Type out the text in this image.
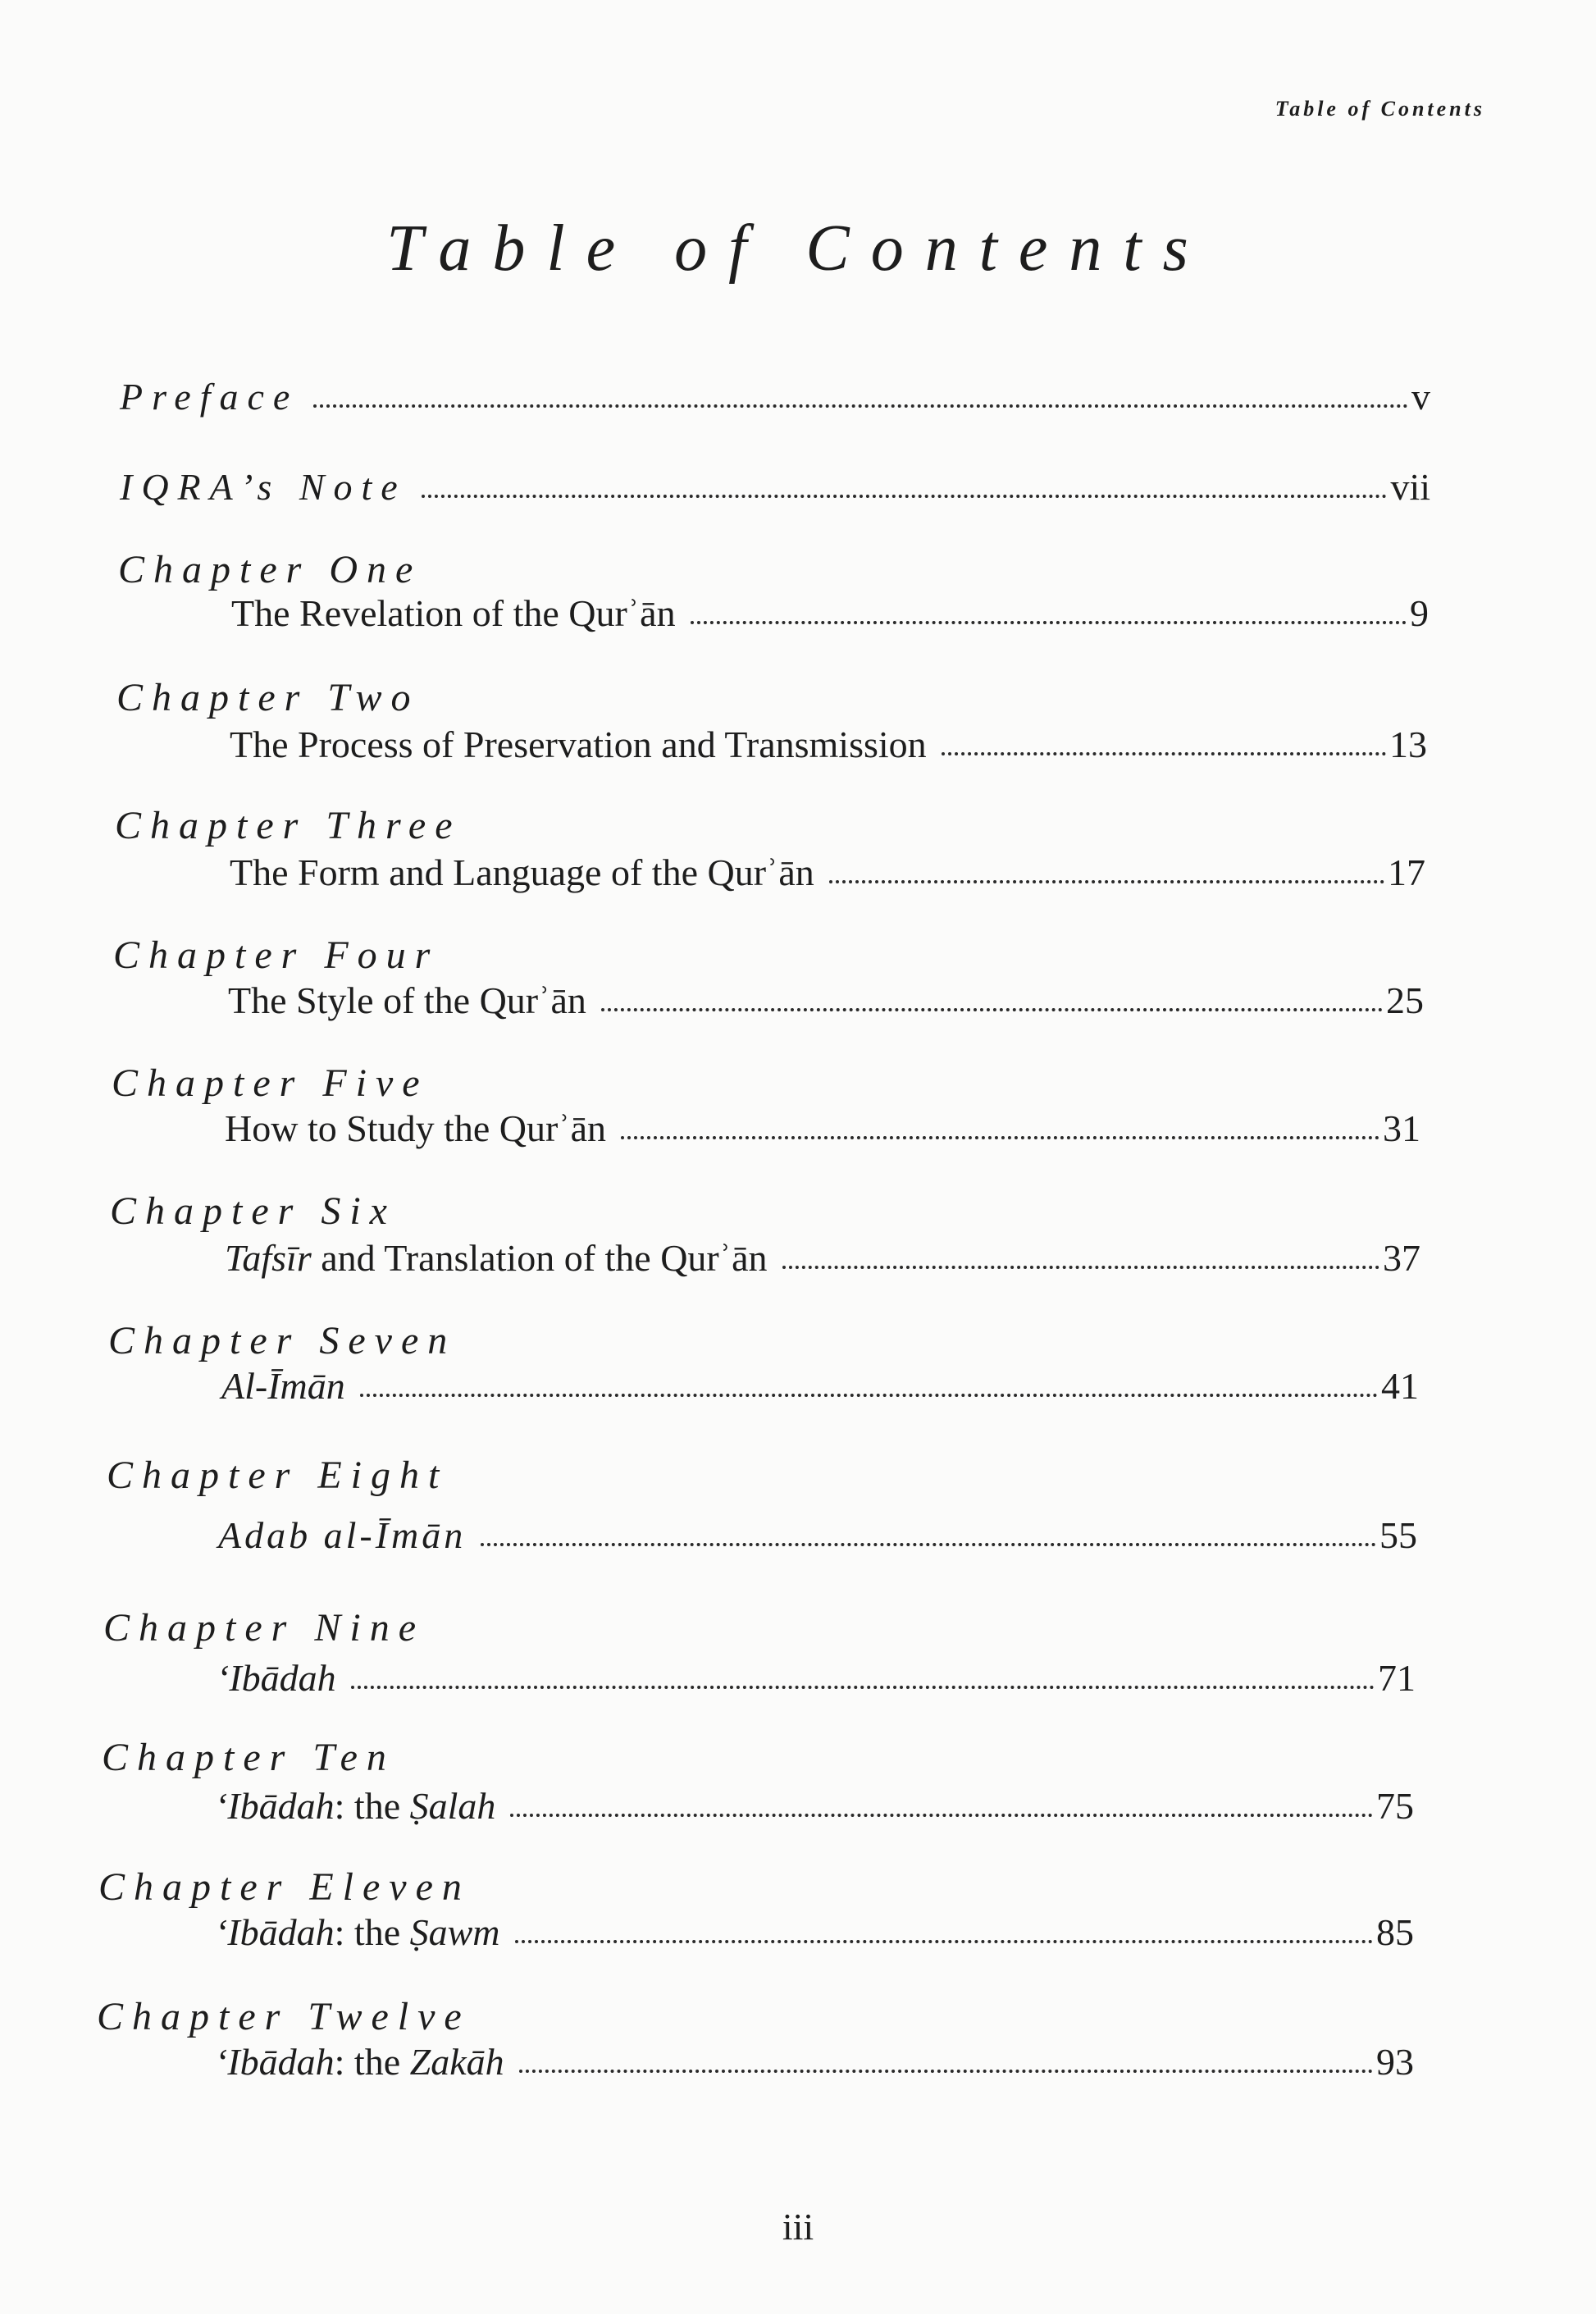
Table of Contents
Table of Contents
Preface	v
IQRA’s Note	vii
Chapter One
The Revelation of the Qurʾān	9
Chapter Two
The Process of Preservation and Transmission	13
Chapter Three
The Form and Language of the Qurʾān	17
Chapter Four
The Style of the Qurʾān	25
Chapter Five
How to Study the Qurʾān	31
Chapter Six
Tafsīr and Translation of the Qurʾān	37
Chapter Seven
Al-Īmān	41
Chapter Eight
Adab al-Īmān	55
Chapter Nine
‘Ibādah	71
Chapter Ten
‘Ibādah: the Ṣalah	75
Chapter Eleven
‘Ibādah: the Ṣawm	85
Chapter Twelve
‘Ibādah: the Zakāh	93
iii
